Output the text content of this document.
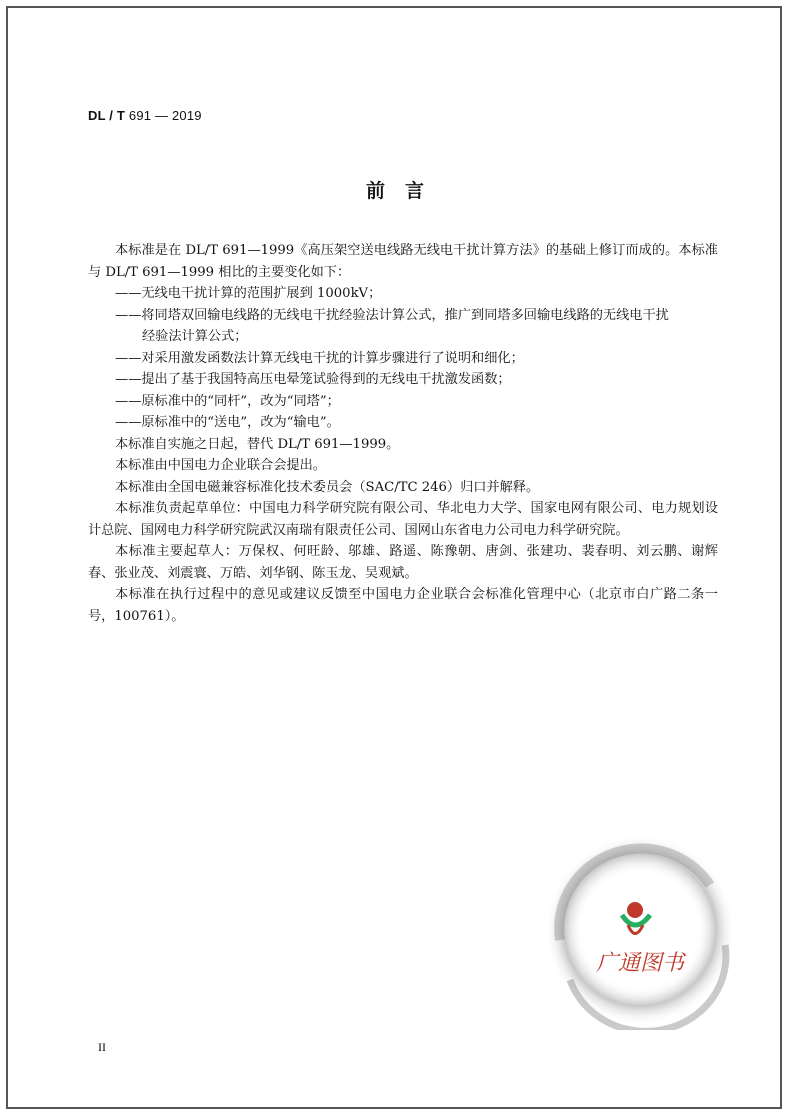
DL / T 691 — 2019
前言

本标准是在 DL/T 691—1999《高压架空送电线路无线电干扰计算方法》的基础上修订而成的。本标准与 DL/T 691—1999 相比的主要变化如下：

——无线电干扰计算的范围扩展到 1000kV；

——将同塔双回输电线路的无线电干扰经验法计算公式，推广到同塔多回输电线路的无线电干扰

经验法计算公式；

——对采用激发函数法计算无线电干扰的计算步骤进行了说明和细化；

——提出了基于我国特高压电晕笼试验得到的无线电干扰激发函数；

——原标准中的“同杆”，改为“同塔”；

——原标准中的“送电”，改为“输电”。

本标准自实施之日起，替代 DL/T 691—1999。

本标准由中国电力企业联合会提出。

本标准由全国电磁兼容标准化技术委员会（SAC/TC 246）归口并解释。

本标准负责起草单位：中国电力科学研究院有限公司、华北电力大学、国家电网有限公司、电力规划设计总院、国网电力科学研究院武汉南瑞有限责任公司、国网山东省电力公司电力科学研究院。

本标准主要起草人：万保权、何旺龄、邬雄、路遥、陈豫朝、唐剑、张建功、裴春明、刘云鹏、谢辉春、张业茂、刘震寰、万皓、刘华钢、陈玉龙、吴观斌。

本标准在执行过程中的意见或建议反馈至中国电力企业联合会标准化管理中心（北京市白广路二条一号，100761）。

广通图书
II
